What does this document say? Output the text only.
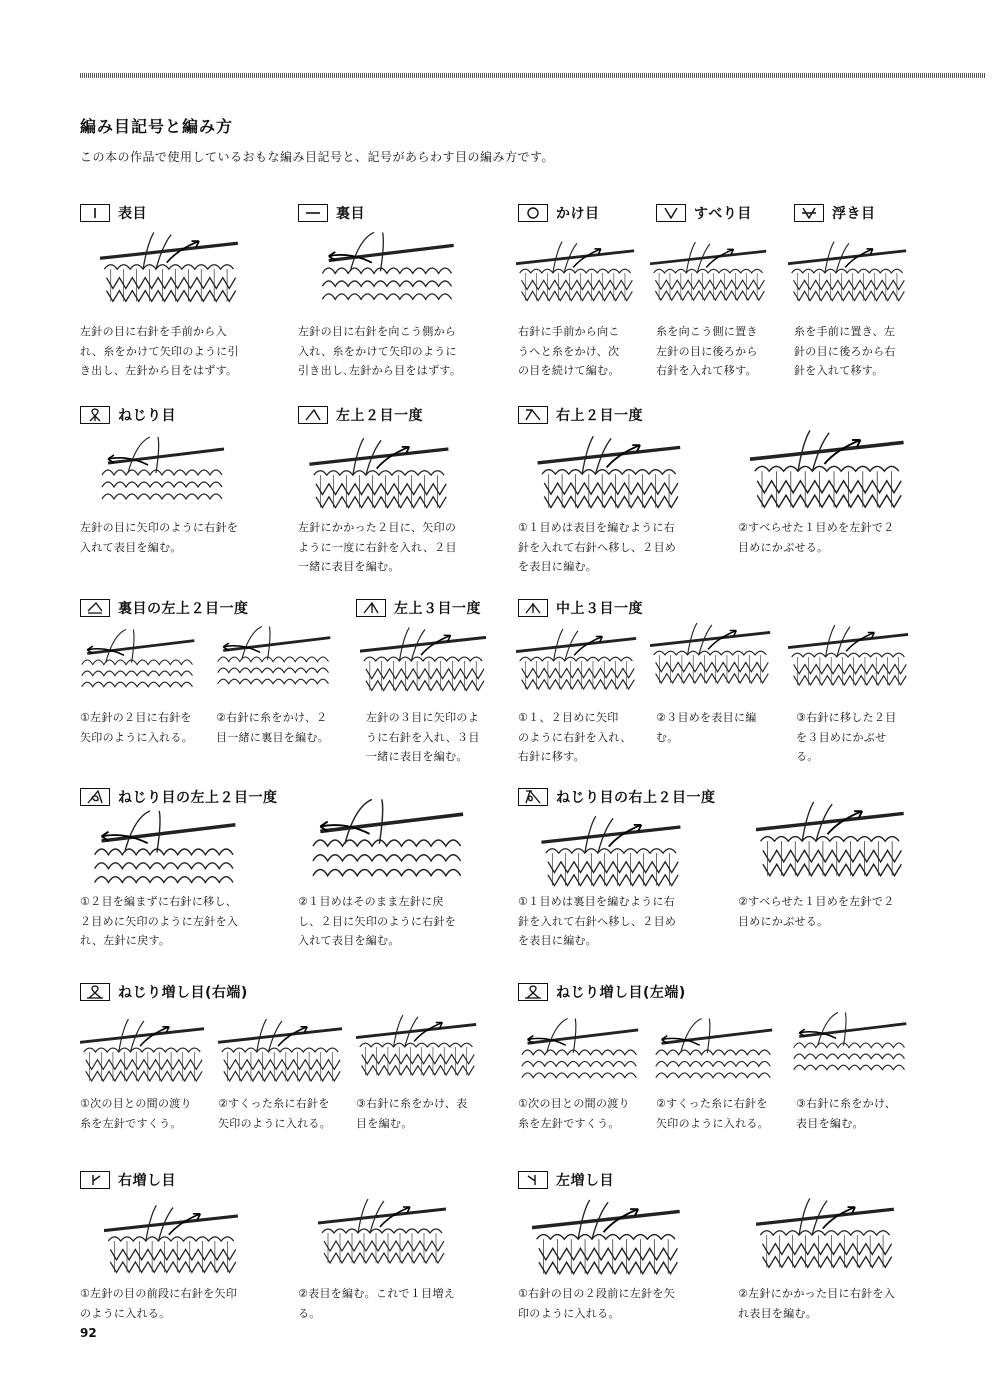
編み目記号と編み方
この本の作品で使用しているおもな編み目記号と、記号があらわす目の編み方です。
表目
左針の目に右針を手前から入
れ、糸をかけて矢印のように引
き出し、左針から目をはずす。
裏目
左針の目に右針を向こう側から
入れ、糸をかけて矢印のように
引き出し､左針から目をはずす。
かけ目
右針に手前から向こ
うへと糸をかけ、次
の目を続けて編む。
すべり目
糸を向こう側に置き
左針の目に後ろから
右針を入れて移す。
浮き目
糸を手前に置き、左
針の目に後ろから右
針を入れて移す。
ねじり目
左針の目に矢印のように右針を
入れて表目を編む。
左上２目一度
左針にかかった２目に、矢印の
ように一度に右針を入れ、２目
一緒に表目を編む。
右上２目一度
①１目めは表目を編むように右
針を入れて右針へ移し、２目め
を表目に編む。
②すべらせた１目めを左針で２
目めにかぶせる。
裏目の左上２目一度
①左針の２目に右針を
矢印のように入れる。
②右針に糸をかけ、２
目一緒に裏目を編む。
左上３目一度
左針の３目に矢印のよ
うに右針を入れ、３目
一緒に表目を編む。
中上３目一度
①１、２目めに矢印
のように右針を入れ、
右針に移す。
②３目めを表目に編
む。
③右針に移した２目
を３目めにかぶせ
る。
ねじり目の左上２目一度
①２目を編まずに右針に移し、
２目めに矢印のように左針を入
れ、左針に戻す。
②１目めはそのまま左針に戻
し、２目に矢印のように右針を
入れて表目を編む。
ねじり目の右上２目一度
①１目めは裏目を編むように右
針を入れて右針へ移し、２目め
を表目に編む。
②すべらせた１目めを左針で２
目めにかぶせる。
ねじり増し目(右端)
①次の目との間の渡り
糸を左針ですくう。
②すくった糸に右針を
矢印のように入れる。
③右針に糸をかけ、表
目を編む。
ねじり増し目(左端)
①次の目との間の渡り
糸を左針ですくう。
②すくった糸に右針を
矢印のように入れる。
③右針に糸をかけ、
表目を編む。
右増し目
①左針の目の前段に右針を矢印
のように入れる。
②表目を編む。これで１目増え
る。
左増し目
①右針の目の２段前に左針を矢
印のように入れる。
②左針にかかった目に右針を入
れ表目を編む。
92
